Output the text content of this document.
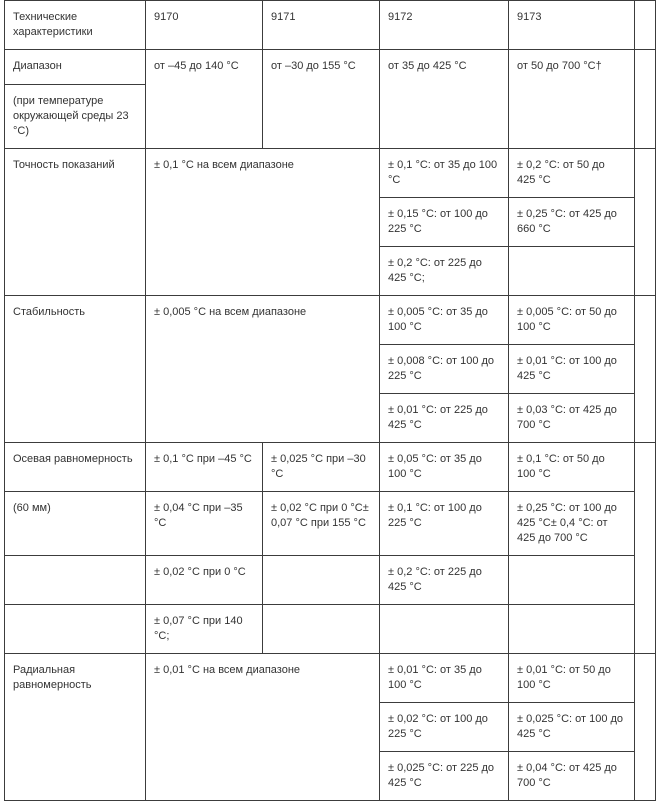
Технические характеристики	9170	9171	9172	9173	
Диапазон	от –45 до 140 °C	от –30 до 155 °C	от 35 до 425 °C	от 50 до 700 °C†	
(при температуре окружающей среды 23 °C)					
Точность показаний	± 0,1 °C на всем диапазоне		± 0,1 °C: от 35 до 100 °C	± 0,2 °C: от 50 до 425 °C	
			± 0,15 °C: от 100 до 225 °C	± 0,25 °C: от 425 до 660 °C	
			± 0,2 °C: от 225 до 425 °C;		
Стабильность	± 0,005 °C на всем диапазоне		± 0,005 °C: от 35 до 100 °C	± 0,005 °C: от 50 до 100 °C	
			± 0,008 °C: от 100 до 225 °C	± 0,01 °C: от 100 до 425 °C	
			± 0,01 °C: от 225 до 425 °C	± 0,03 °C: от 425 до 700 °C	
Осевая равномерность	± 0,1 °C при –45 °C	± 0,025 °C при –30 °C	± 0,05 °C: от 35 до 100 °C	± 0,1 °C: от 50 до 100 °C	
(60 мм)	± 0,04 °C при –35 °C	± 0,02 °C при 0 °C± 0,07 °C при 155 °C	± 0,1 °C: от 100 до 225 °C	± 0,25 °C: от 100 до 425 °C± 0,4 °C: от 425 до 700 °C	
	± 0,02 °C при 0 °C		± 0,2 °C: от 225 до 425 °C		
	± 0,07 °C при 140 °C;				
Радиальная равномерность	± 0,01 °C на всем диапазоне		± 0,01 °C: от 35 до 100 °C	± 0,01 °C: от 50 до 100 °C	
			± 0,02 °C: от 100 до 225 °C	± 0,025 °C: от 100 до 425 °C	
			± 0,025 °C: от 225 до 425 °C	± 0,04 °C: от 425 до 700 °C	
